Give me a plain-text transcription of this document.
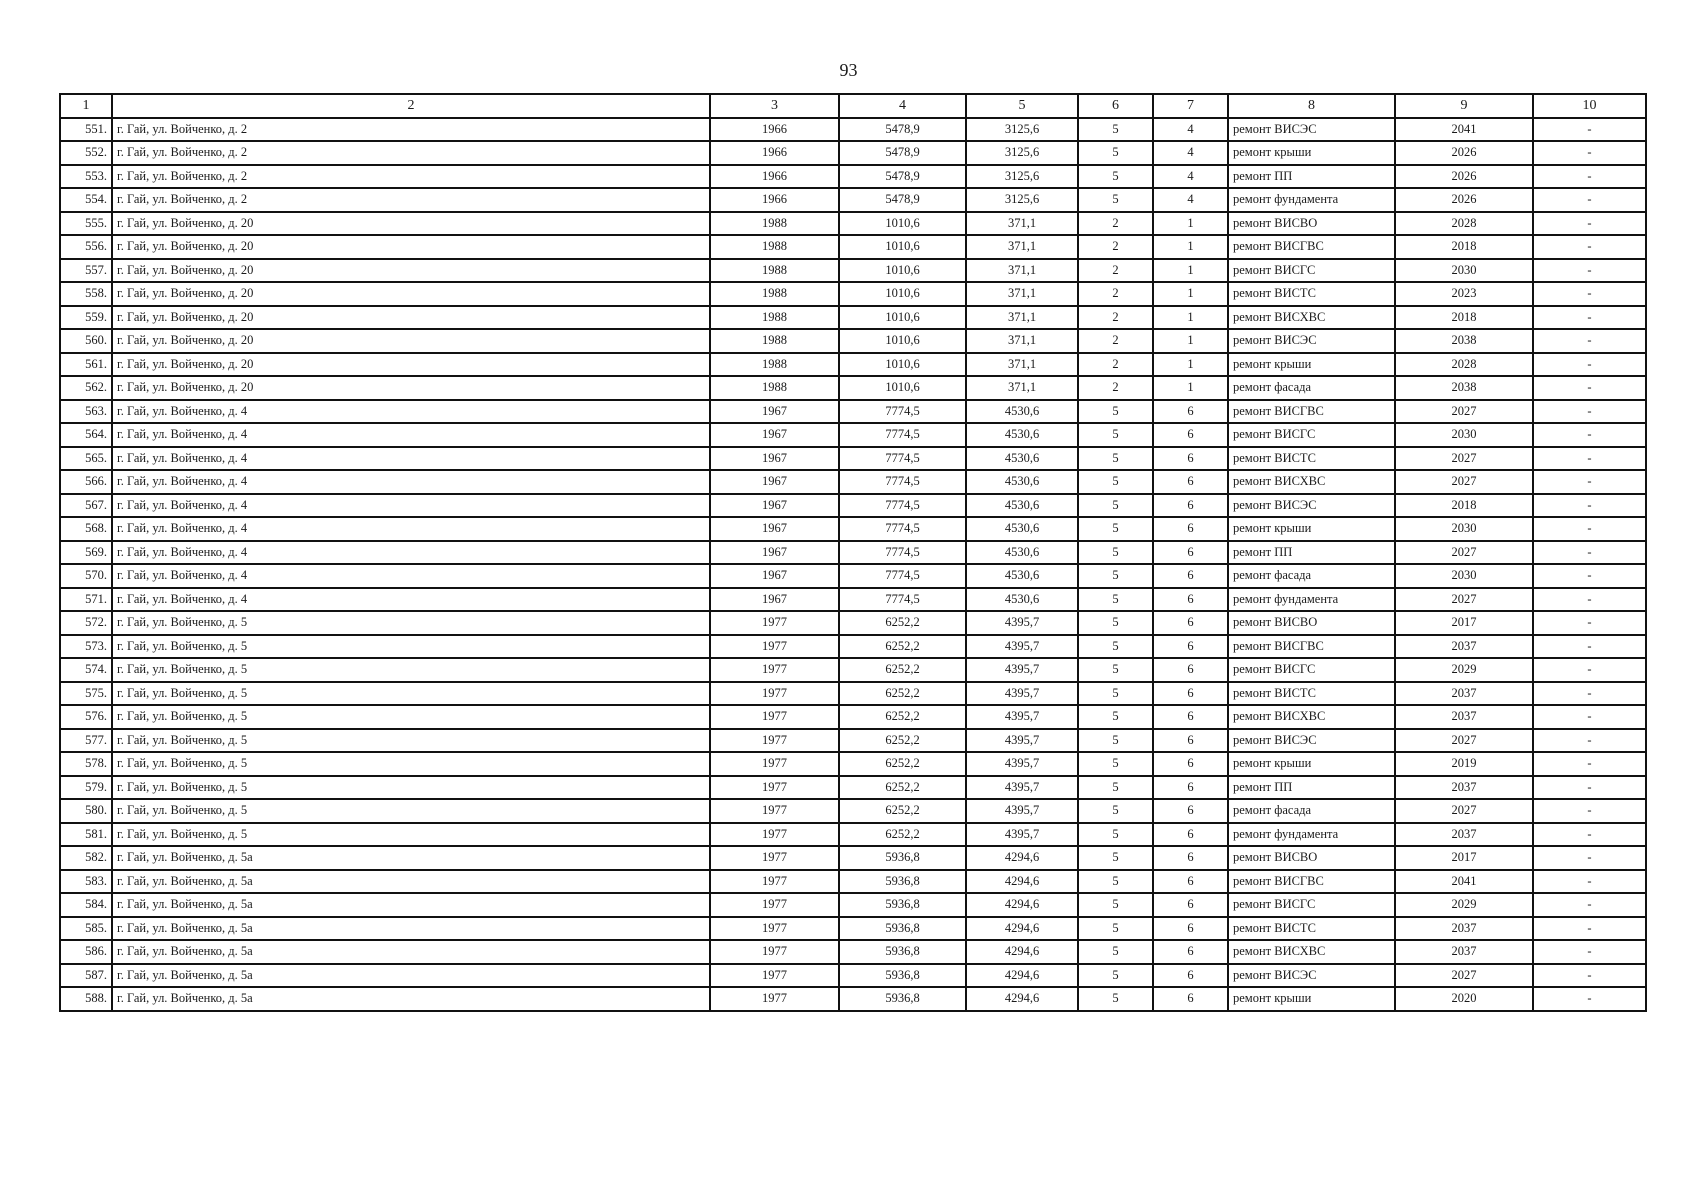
93
1	2	3	4	5	6	7	8	9	10
551.	г. Гай, ул. Войченко, д. 2	1966	5478,9	3125,6	5	4	ремонт ВИСЭС	2041	-
552.	г. Гай, ул. Войченко, д. 2	1966	5478,9	3125,6	5	4	ремонт крыши	2026	-
553.	г. Гай, ул. Войченко, д. 2	1966	5478,9	3125,6	5	4	ремонт ПП	2026	-
554.	г. Гай, ул. Войченко, д. 2	1966	5478,9	3125,6	5	4	ремонт фундамента	2026	-
555.	г. Гай, ул. Войченко, д. 20	1988	1010,6	371,1	2	1	ремонт ВИСВО	2028	-
556.	г. Гай, ул. Войченко, д. 20	1988	1010,6	371,1	2	1	ремонт ВИСГВС	2018	-
557.	г. Гай, ул. Войченко, д. 20	1988	1010,6	371,1	2	1	ремонт ВИСГС	2030	-
558.	г. Гай, ул. Войченко, д. 20	1988	1010,6	371,1	2	1	ремонт ВИСТС	2023	-
559.	г. Гай, ул. Войченко, д. 20	1988	1010,6	371,1	2	1	ремонт ВИСХВС	2018	-
560.	г. Гай, ул. Войченко, д. 20	1988	1010,6	371,1	2	1	ремонт ВИСЭС	2038	-
561.	г. Гай, ул. Войченко, д. 20	1988	1010,6	371,1	2	1	ремонт крыши	2028	-
562.	г. Гай, ул. Войченко, д. 20	1988	1010,6	371,1	2	1	ремонт фасада	2038	-
563.	г. Гай, ул. Войченко, д. 4	1967	7774,5	4530,6	5	6	ремонт ВИСГВС	2027	-
564.	г. Гай, ул. Войченко, д. 4	1967	7774,5	4530,6	5	6	ремонт ВИСГС	2030	-
565.	г. Гай, ул. Войченко, д. 4	1967	7774,5	4530,6	5	6	ремонт ВИСТС	2027	-
566.	г. Гай, ул. Войченко, д. 4	1967	7774,5	4530,6	5	6	ремонт ВИСХВС	2027	-
567.	г. Гай, ул. Войченко, д. 4	1967	7774,5	4530,6	5	6	ремонт ВИСЭС	2018	-
568.	г. Гай, ул. Войченко, д. 4	1967	7774,5	4530,6	5	6	ремонт крыши	2030	-
569.	г. Гай, ул. Войченко, д. 4	1967	7774,5	4530,6	5	6	ремонт ПП	2027	-
570.	г. Гай, ул. Войченко, д. 4	1967	7774,5	4530,6	5	6	ремонт фасада	2030	-
571.	г. Гай, ул. Войченко, д. 4	1967	7774,5	4530,6	5	6	ремонт фундамента	2027	-
572.	г. Гай, ул. Войченко, д. 5	1977	6252,2	4395,7	5	6	ремонт ВИСВО	2017	-
573.	г. Гай, ул. Войченко, д. 5	1977	6252,2	4395,7	5	6	ремонт ВИСГВС	2037	-
574.	г. Гай, ул. Войченко, д. 5	1977	6252,2	4395,7	5	6	ремонт ВИСГС	2029	-
575.	г. Гай, ул. Войченко, д. 5	1977	6252,2	4395,7	5	6	ремонт ВИСТС	2037	-
576.	г. Гай, ул. Войченко, д. 5	1977	6252,2	4395,7	5	6	ремонт ВИСХВС	2037	-
577.	г. Гай, ул. Войченко, д. 5	1977	6252,2	4395,7	5	6	ремонт ВИСЭС	2027	-
578.	г. Гай, ул. Войченко, д. 5	1977	6252,2	4395,7	5	6	ремонт крыши	2019	-
579.	г. Гай, ул. Войченко, д. 5	1977	6252,2	4395,7	5	6	ремонт ПП	2037	-
580.	г. Гай, ул. Войченко, д. 5	1977	6252,2	4395,7	5	6	ремонт фасада	2027	-
581.	г. Гай, ул. Войченко, д. 5	1977	6252,2	4395,7	5	6	ремонт фундамента	2037	-
582.	г. Гай, ул. Войченко, д. 5а	1977	5936,8	4294,6	5	6	ремонт ВИСВО	2017	-
583.	г. Гай, ул. Войченко, д. 5а	1977	5936,8	4294,6	5	6	ремонт ВИСГВС	2041	-
584.	г. Гай, ул. Войченко, д. 5а	1977	5936,8	4294,6	5	6	ремонт ВИСГС	2029	-
585.	г. Гай, ул. Войченко, д. 5а	1977	5936,8	4294,6	5	6	ремонт ВИСТС	2037	-
586.	г. Гай, ул. Войченко, д. 5а	1977	5936,8	4294,6	5	6	ремонт ВИСХВС	2037	-
587.	г. Гай, ул. Войченко, д. 5а	1977	5936,8	4294,6	5	6	ремонт ВИСЭС	2027	-
588.	г. Гай, ул. Войченко, д. 5а	1977	5936,8	4294,6	5	6	ремонт крыши	2020	-
